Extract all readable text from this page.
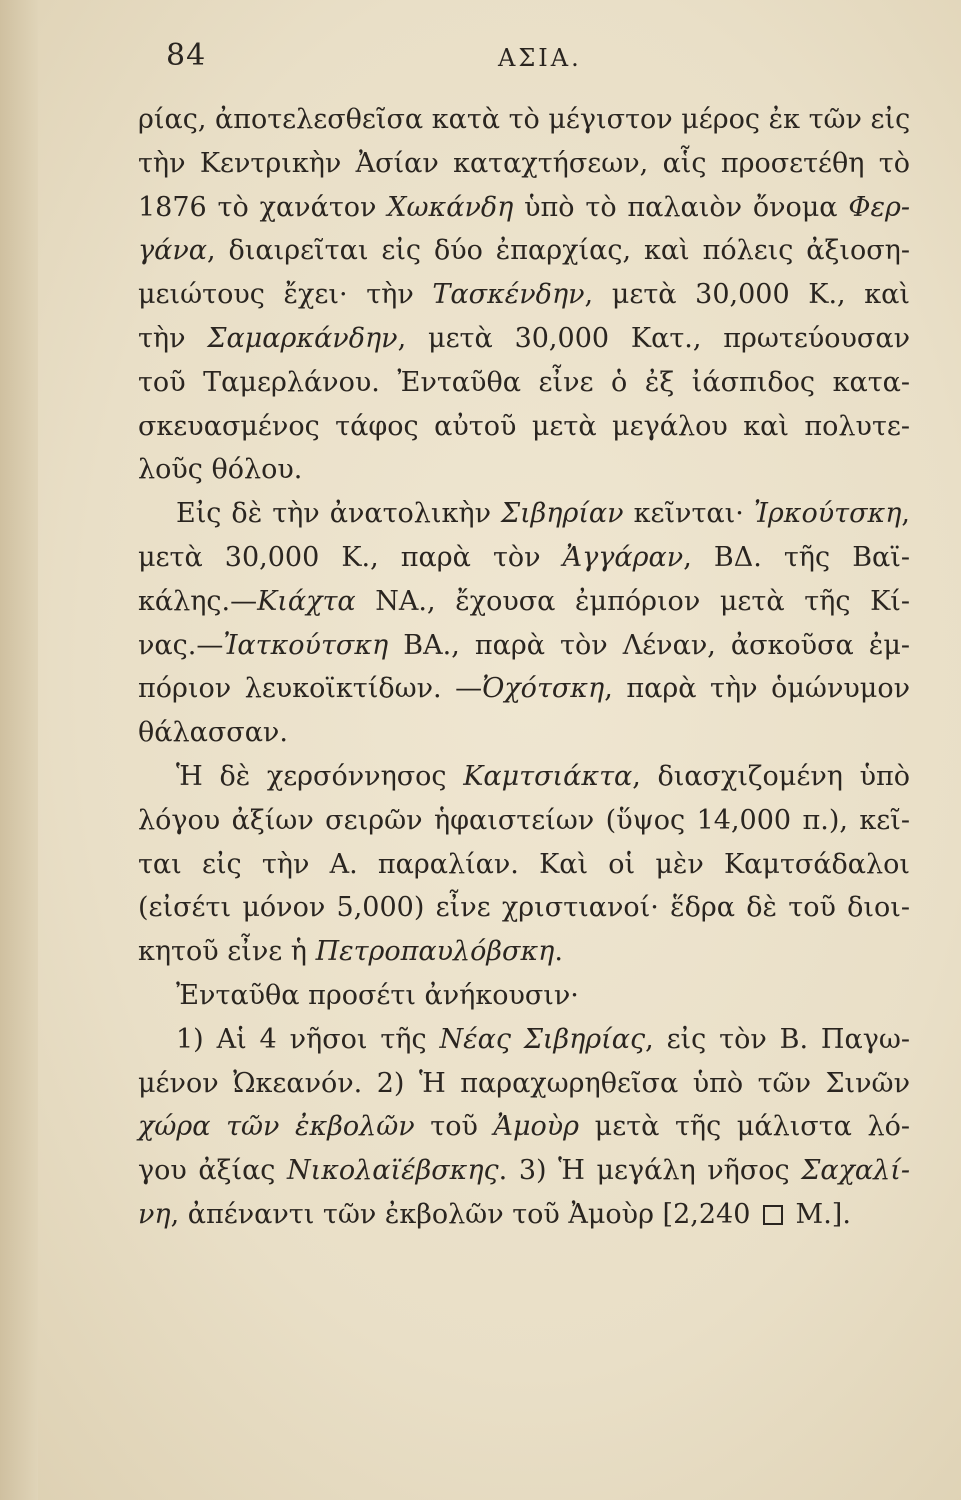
84	ΑΣΙΑ.
ρίας, ἀποτελεσθεῖσα κατὰ τὸ μέγιστον μέρος ἐκ τῶν εἰς
τὴν Κεντρικὴν Ἀσίαν καταχτήσεων, αἷς προσετέθη τὸ
1876 τὸ χανάτον Χωκάνδη ὑπὸ τὸ παλαιὸν ὄνομα Φερ-
γάνα, διαιρεῖται εἰς δύο ἐπαρχίας, καὶ πόλεις ἀξιοση-
μειώτους ἔχει· τὴν Τασκένδην, μετὰ 30,000 Κ., καὶ
τὴν Σαμαρκάνδην, μετὰ 30,000 Κατ., πρωτεύουσαν
τοῦ Ταμερλάνου. Ἐνταῦθα εἶνε ὁ ἐξ ἰάσπιδος κατα-
σκευασμένος τάφος αὐτοῦ μετὰ μεγάλου καὶ πολυτε-
λοῦς θόλου.
Εἰς δὲ τὴν ἀνατολικὴν Σιβηρίαν κεῖνται· Ἰρκούτσκη,
μετὰ 30,000 Κ., παρὰ τὸν Ἀγγάραν, ΒΔ. τῆς Βαϊ-
κάλης.—Κιάχτα ΝΑ., ἔχουσα ἐμπόριον μετὰ τῆς Κί-
νας.—Ἰατκούτσκη ΒΑ., παρὰ τὸν Λέναν, ἀσκοῦσα ἐμ-
πόριον λευκοϊκτίδων. —Ὀχότσκη, παρὰ τὴν ὁμώνυμον
θάλασσαν.
Ἡ δὲ χερσόννησος Καμτσιάκτα, διασχιζομένη ὑπὸ
λόγου ἀξίων σειρῶν ἡφαιστείων (ὕψος 14,000 π.), κεῖ-
ται εἰς τὴν Α. παραλίαν. Καὶ οἱ μὲν Καμτσάδαλοι
(εἰσέτι μόνον 5,000) εἶνε χριστιανοί· ἕδρα δὲ τοῦ διοι-
κητοῦ εἶνε ἡ Πετροπαυλόβσκη.
Ἐνταῦθα προσέτι ἀνήκουσιν·
1) Αἱ 4 νῆσοι τῆς Νέας Σιβηρίας, εἰς τὸν Β. Παγω-
μένον Ὠκεανόν. 2) Ἡ παραχωρηθεῖσα ὑπὸ τῶν Σινῶν
χώρα τῶν ἐκβολῶν τοῦ Ἀμοὺρ μετὰ τῆς μάλιστα λό-
γου ἀξίας Νικολαϊέβσκης. 3) Ἡ μεγάλη νῆσος Σαχαλί-
νη, ἀπέναντι τῶν ἐκβολῶν τοῦ Ἀμοὺρ [2,240  Μ.].
